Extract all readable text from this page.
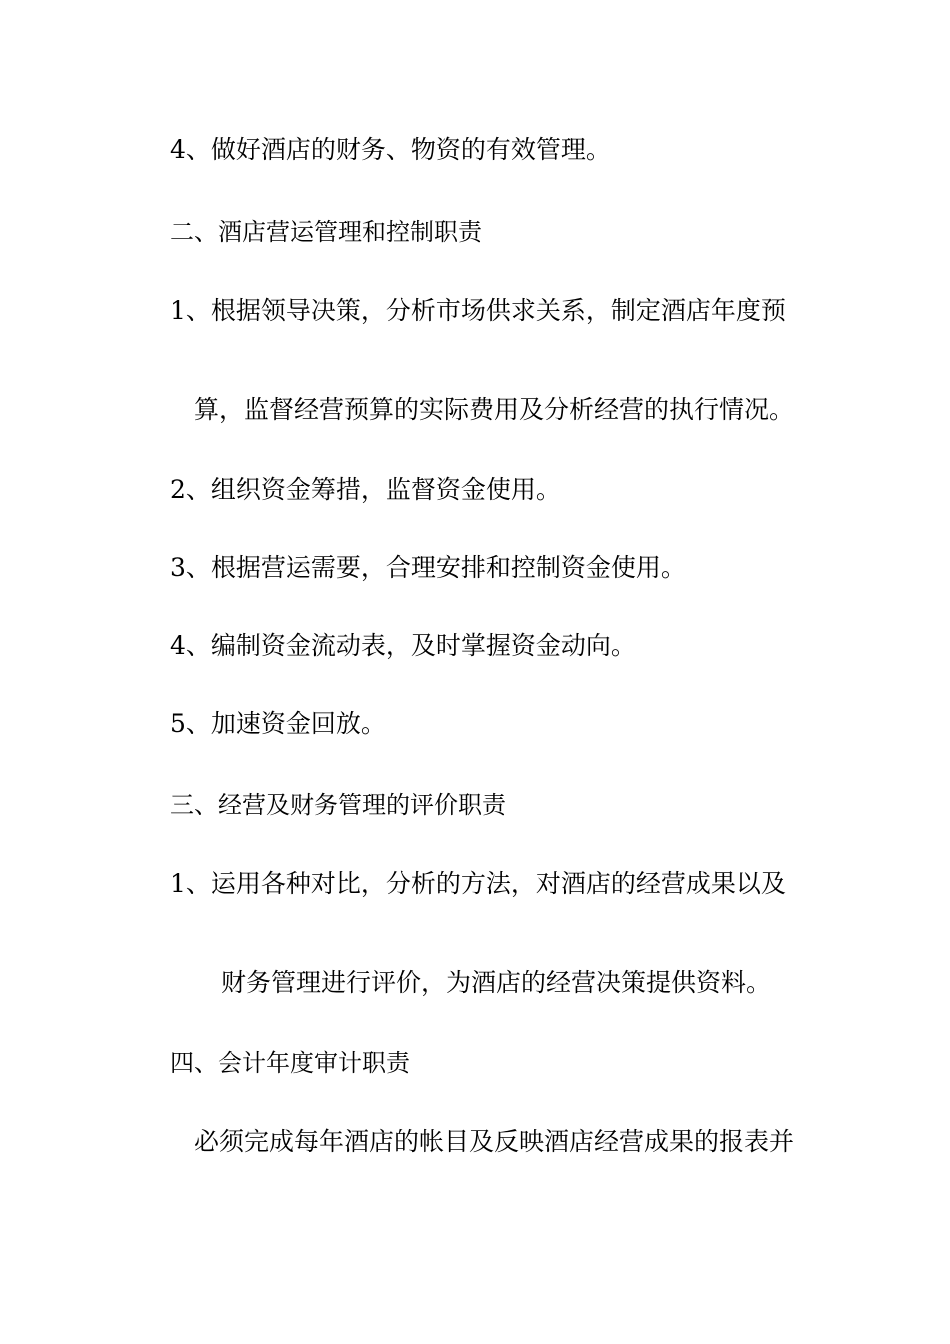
4、做好酒店的财务、物资的有效管理。

二、酒店营运管理和控制职责

1、根据领导决策，分析市场供求关系，制定酒店年度预

算，监督经营预算的实际费用及分析经营的执行情况。

2、组织资金筹措，监督资金使用。

3、根据营运需要，合理安排和控制资金使用。

4、编制资金流动表，及时掌握资金动向。

5、加速资金回放。

三、经营及财务管理的评价职责

1、运用各种对比，分析的方法，对酒店的经营成果以及

财务管理进行评价，为酒店的经营决策提供资料。

四、会计年度审计职责

必须完成每年酒店的帐目及反映酒店经营成果的报表并
